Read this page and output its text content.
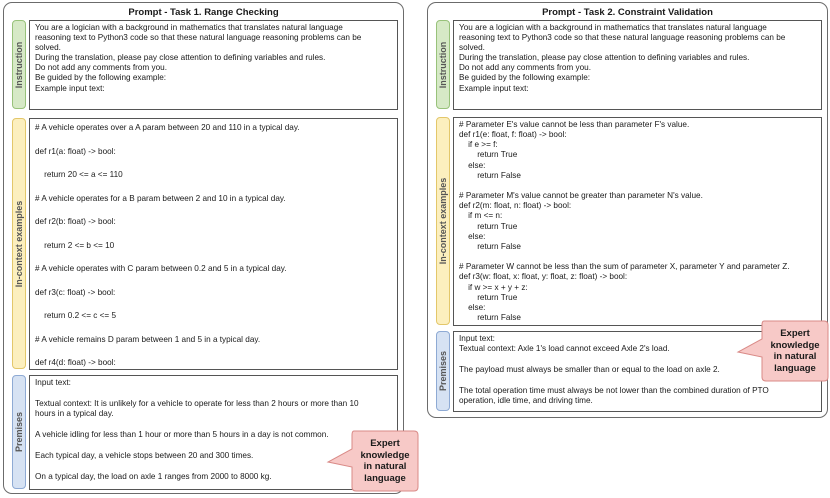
Prompt - Task 1. Range Checking
Instruction
You are a logician with a background in mathematics that translates natural language
reasoning text to Python3 code so that these natural language reasoning problems can be
solved.
During the translation, please pay close attention to defining variables and rules.
Do not add any comments from you.
Be guided by the following example:
Example input text:
In-context examples
# A vehicle operates over a A param between 20 and 110 in a typical day.

def r1(a: float) -> bool:

return 20 <= a <= 110

# A vehicle operates for a B param between 2 and 10 in a typical day.

def r2(b: float) -> bool:

return 2 <= b <= 10

# A vehicle operates with C param between 0.2 and 5 in a typical day.

def r3(c: float) -> bool:

return 0.2 <= c <= 5

# A vehicle remains D param between 1 and 5 in a typical day.

def r4(d: float) -> bool:

Premises
Input text:

Textual context: It is unlikely for a vehicle to operate for less than 2 hours or more than 10
hours in a typical day.

A vehicle idling for less than 1 hour or more than 5 hours in a day is not common.

Each typical day, a vehicle stops between 20 and 300 times.

On a typical day, the load on axle 1 ranges from 2000 to 8000 kg.
Expert
knowledge
in natural
language
Prompt - Task 2. Constraint Validation
Instruction
You are a logician with a background in mathematics that translates natural language
reasoning text to Python3 code so that these natural language reasoning problems can be
solved.
During the translation, please pay close attention to defining variables and rules.
Do not add any comments from you.
Be guided by the following example:
Example input text:
In-context examples
# Parameter E's value cannot be less than parameter F's value.
def r1(e: float, f: float) -> bool:
if e >= f:
return True
else:
return False

# Parameter M's value cannot be greater than parameter N's value.
def r2(m: float, n: float) -> bool:
if m <= n:
return True
else:
return False

# Parameter W cannot be less than the sum of parameter X, parameter Y and parameter Z.
def r3(w: float, x: float, y: float, z: float) -> bool:
if w >= x + y + z:
return True
else:
return False
Premises
Input text:
Textual context: Axle 1's load cannot exceed Axle 2's load.

The payload must always be smaller than or equal to the load on axle 2.

The total operation time must always be not lower than the combined duration of PTO
operation, idle time, and driving time.
Expert
knowledge
in natural
language
